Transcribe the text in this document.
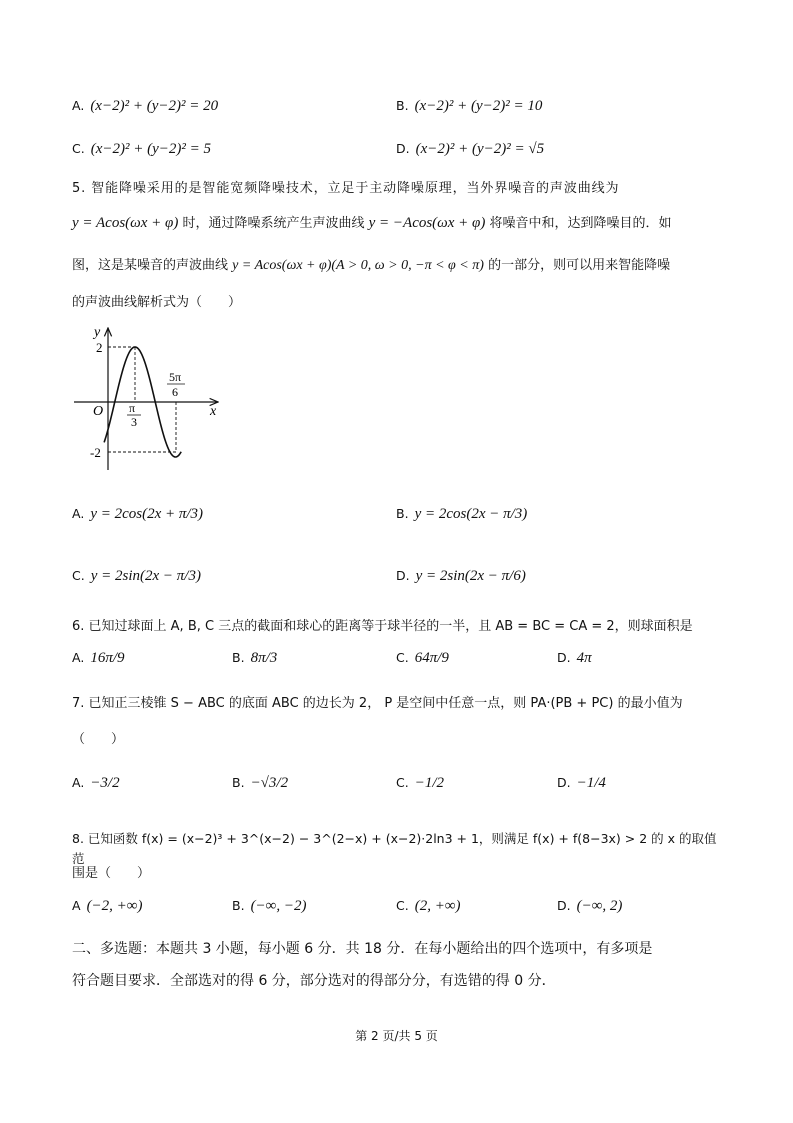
A. (x−2)² + (y−2)² = 20	B. (x−2)² + (y−2)² = 10
C. (x−2)² + (y−2)² = 5	D. (x−2)² + (y−2)² = √5
5. 智能降噪采用的是智能宽频降噪技术，立足于主动降噪原理，当外界噪音的声波曲线为
y = Acos(ωx + φ) 时，通过降噪系统产生声波曲线 y = −Acos(ωx + φ) 将噪音中和，达到降噪目的．如
图，这是某噪音的声波曲线 y = Acos(ωx + φ)(A > 0, ω > 0, −π < φ < π) 的一部分，则可以用来智能降噪
的声波曲线解析式为（　　）
y
x
O
2
-2
π
3
5π
6
A. y = 2cos(2x + π/3)	B. y = 2cos(2x − π/3)
C. y = 2sin(2x − π/3)	D. y = 2sin(2x − π/6)
6. 已知过球面上 A, B, C 三点的截面和球心的距离等于球半径的一半，且 AB = BC = CA = 2，则球面积是
A. 16π/9	B. 8π/3	C. 64π/9	D. 4π
7. 已知正三棱锥 S − ABC 的底面 ABC 的边长为 2， P 是空间中任意一点，则 PA·(PB + PC) 的最小值为
（　　）
A. −3/2	B. −√3/2	C. −1/2	D. −1/4
8. 已知函数 f(x) = (x−2)³ + 3^(x−2) − 3^(2−x) + (x−2)·2ln3 + 1，则满足 f(x) + f(8−3x) > 2 的 x 的取值范
围是（　　）
A (−2, +∞)	B. (−∞, −2)	C. (2, +∞)	D. (−∞, 2)
二、多选题：本题共 3 小题，每小题 6 分．共 18 分．在每小题给出的四个选项中，有多项是
符合题目要求．全部选对的得 6 分，部分选对的得部分分，有选错的得 0 分．
第 2 页/共 5 页
